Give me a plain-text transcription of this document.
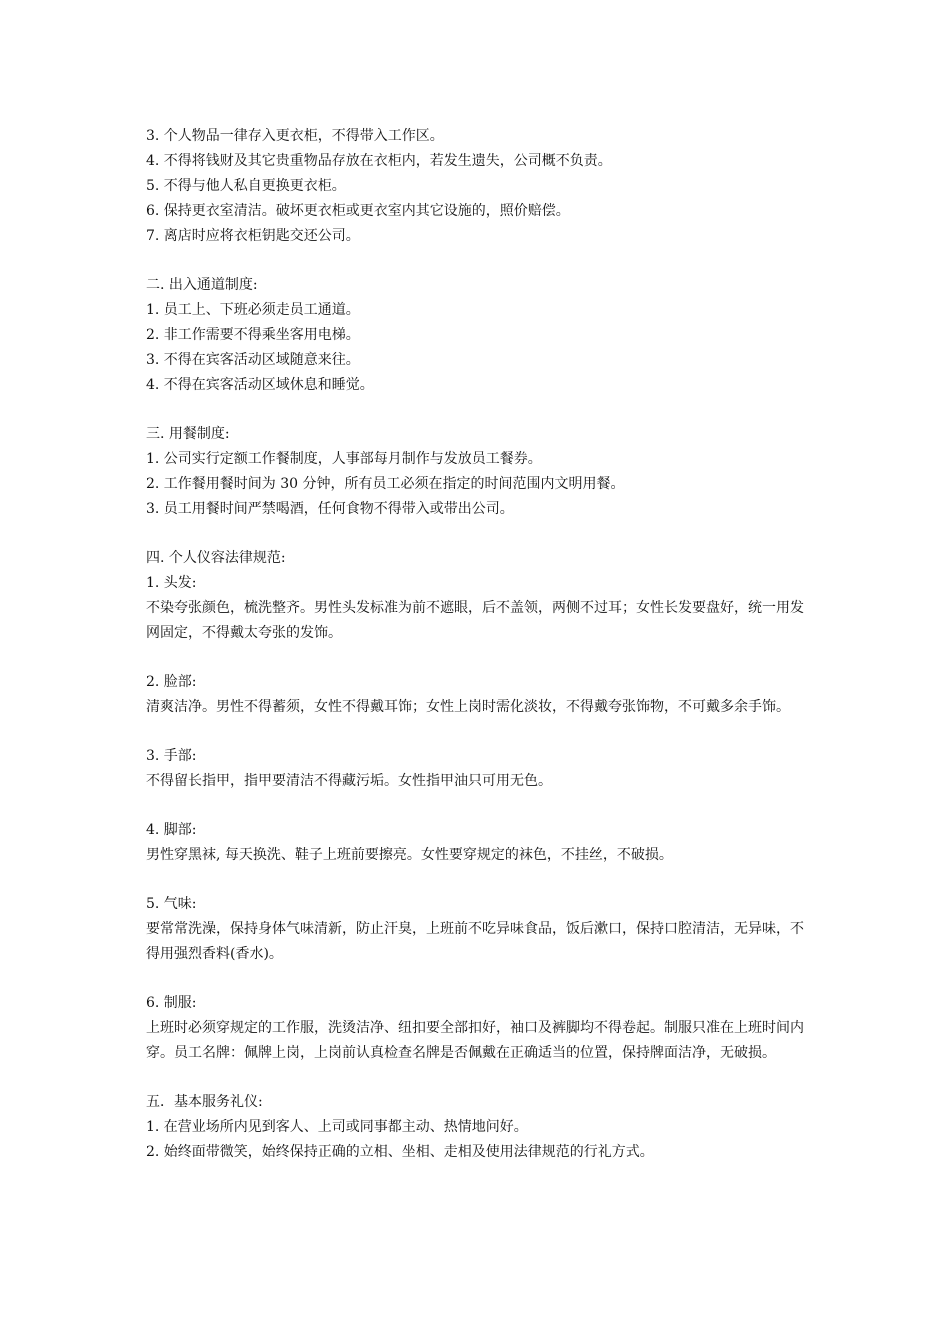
3. 个人物品一律存入更衣柜，不得带入工作区。
4. 不得将钱财及其它贵重物品存放在衣柜内，若发生遗失，公司概不负责。
5. 不得与他人私自更换更衣柜。
6. 保持更衣室清洁。破坏更衣柜或更衣室内其它设施的，照价赔偿。
7. 离店时应将衣柜钥匙交还公司。
二. 出入通道制度:
1. 员工上、下班必须走员工通道。
2. 非工作需要不得乘坐客用电梯。
3. 不得在宾客活动区域随意来往。
4. 不得在宾客活动区域休息和睡觉。
三. 用餐制度:
1. 公司实行定额工作餐制度，人事部每月制作与发放员工餐券。
2. 工作餐用餐时间为 30 分钟，所有员工必须在指定的时间范围内文明用餐。
3. 员工用餐时间严禁喝酒，任何食物不得带入或带出公司。
四. 个人仪容法律规范:
1. 头发:
不染夸张颜色，梳洗整齐。男性头发标准为前不遮眼，后不盖领，两侧不过耳；女性长发要盘好，统一用发网固定，不得戴太夸张的发饰。
2. 脸部:
清爽洁净。男性不得蓄须，女性不得戴耳饰；女性上岗时需化淡妆，不得戴夸张饰物，不可戴多余手饰。
3. 手部:
不得留长指甲，指甲要清洁不得藏污垢。女性指甲油只可用无色。
4. 脚部:
男性穿黑袜, 每天换洗、鞋子上班前要擦亮。女性要穿规定的袜色，不挂丝，不破损。
5. 气味:
要常常洗澡，保持身体气味清新，防止汗臭，上班前不吃异味食品，饭后漱口，保持口腔清洁，无异味，不得用强烈香料(香水)。
6. 制服:
上班时必须穿规定的工作服，洗烫洁净、纽扣要全部扣好，袖口及裤脚均不得卷起。制服只准在上班时间内穿。员工名牌：佩牌上岗，上岗前认真检查名牌是否佩戴在正确适当的位置，保持牌面洁净，无破损。
五．基本服务礼仪:
1. 在营业场所内见到客人、上司或同事都主动、热情地问好。
2. 始终面带微笑，始终保持正确的立相、坐相、走相及使用法律规范的行礼方式。
